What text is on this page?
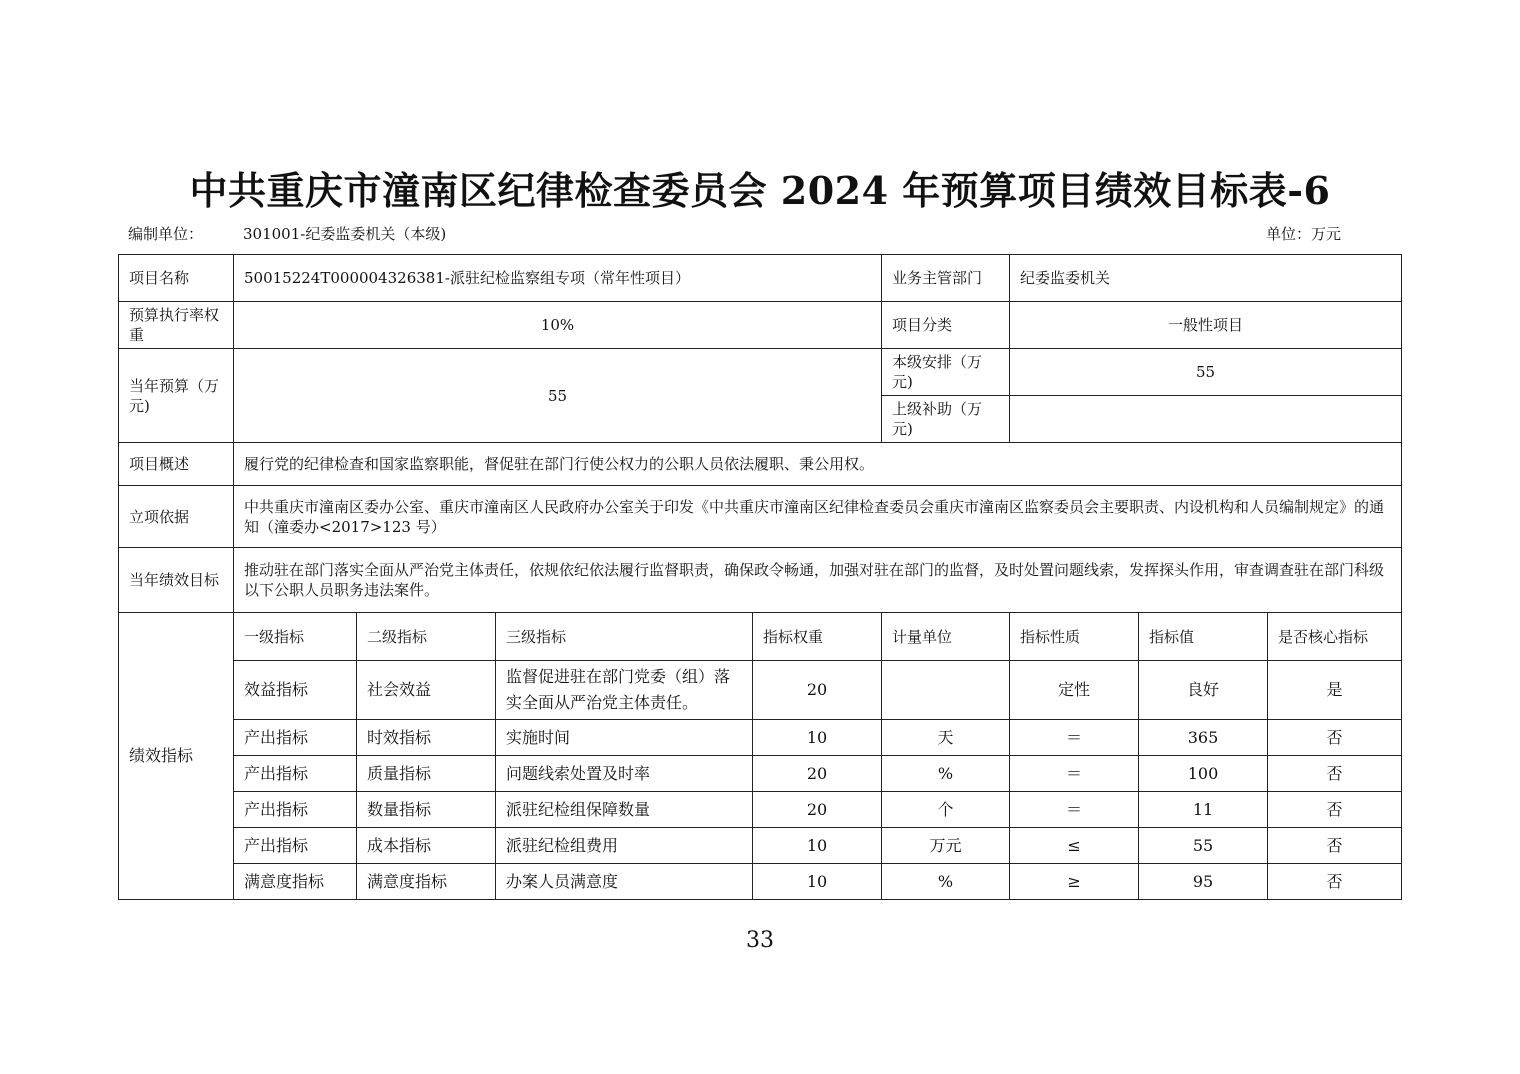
中共重庆市潼南区纪律检查委员会 2024 年预算项目绩效目标表-6
编制单位：	301001-纪委监委机关（本级)	单位：万元
项目名称	50015224T000004326381-派驻纪检监察组专项（常年性项目）				业务主管部门	纪委监委机关		
预算执行率权重	10%				项目分类	一般性项目		
当年预算（万元)	55				本级安排（万元)	55		
					上级补助（万元)			
项目概述	履行党的纪律检查和国家监察职能，督促驻在部门行使公权力的公职人员依法履职、秉公用权。							
立项依据	中共重庆市潼南区委办公室、重庆市潼南区人民政府办公室关于印发《中共重庆市潼南区纪律检查委员会重庆市潼南区监察委员会主要职责、内设机构和人员编制规定》的通知（潼委办<2017>123 号）							
当年绩效目标	推动驻在部门落实全面从严治党主体责任，依规依纪依法履行监督职责，确保政令畅通，加强对驻在部门的监督，及时处置问题线索，发挥探头作用，审查调查驻在部门科级以下公职人员职务违法案件。							
绩效指标	一级指标	二级指标	三级指标	指标权重	计量单位	指标性质	指标值	是否核心指标
	效益指标	社会效益	监督促进驻在部门党委（组）落实全面从严治党主体责任。	20		定性	良好	是
	产出指标	时效指标	实施时间	10	天	＝	365	否
	产出指标	质量指标	问题线索处置及时率	20	%	＝	100	否
	产出指标	数量指标	派驻纪检组保障数量	20	个	＝	11	否
	产出指标	成本指标	派驻纪检组费用	10	万元	≤	55	否
	满意度指标	满意度指标	办案人员满意度	10	%	≥	95	否
33
